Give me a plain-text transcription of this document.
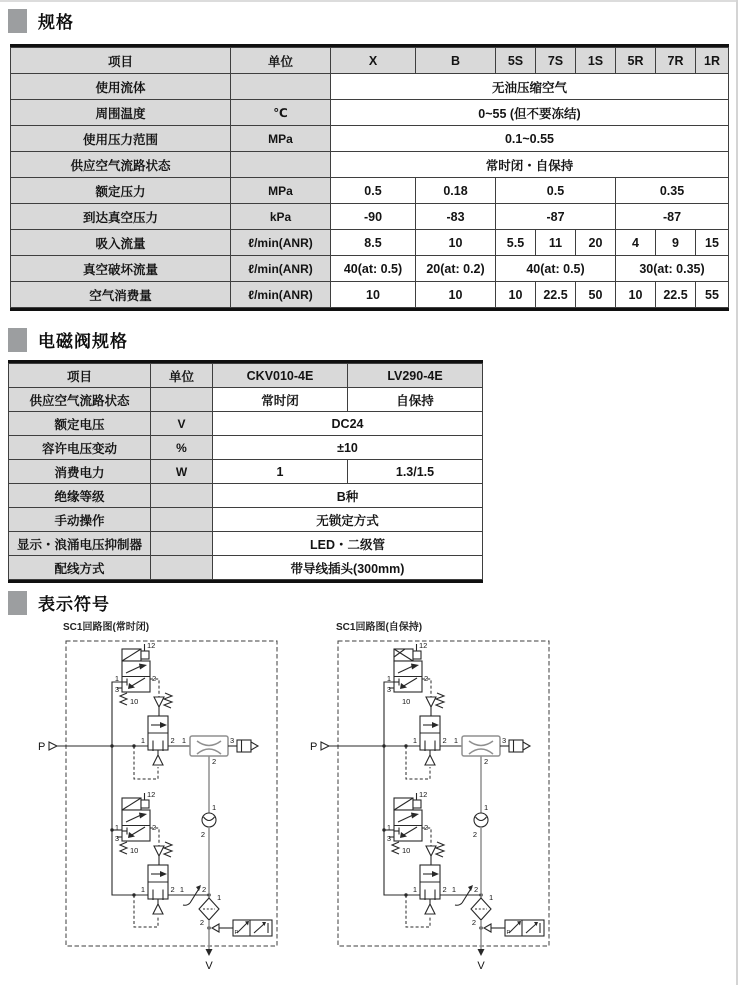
规格
项目	单位	X	B	5S	7S	1S	5R	7R	1R
使用流体		无油压缩空气							
周围温度	℃	0~55 (但不要冻结)							
使用压力范围	MPa	0.1~0.55							
供应空气流路状态		常时闭・自保持							
额定压力	MPa	0.5	0.18	0.5			0.35		
到达真空压力	kPa	-90	-83	-87			-87		
吸入流量	ℓ/min(ANR)	8.5	10	5.5	11	20	4	9	15
真空破坏流量	ℓ/min(ANR)	40(at: 0.5)	20(at: 0.2)	40(at: 0.5)			30(at: 0.35)		
空气消费量	ℓ/min(ANR)	10	10	10	22.5	50	10	22.5	55
电磁阀规格
项目	单位	CKV010-4E	LV290-4E
供应空气流路状态		常时闭	自保持
额定电压	V	DC24	
容许电压变动	%	±10	
消费电力	W	1	1.3/1.5
绝缘等级		B种	
手动操作		无锁定方式	
显示・浪涌电压抑制器		LED・二级管	
配线方式		带导线插头(300mm)	
表示符号
SC1回路图(常时闭)	SC1回路图(自保持)
P
12
1	2
3
10
1	2 1	3
2
1
2
12
1	2
3
10
1	2 1 2
1
2
P
V
P
12
1	2
3
10
1	2 1	3
2
1
2
12
1	2
3
10
1	2 1 2
1
2
P
V
